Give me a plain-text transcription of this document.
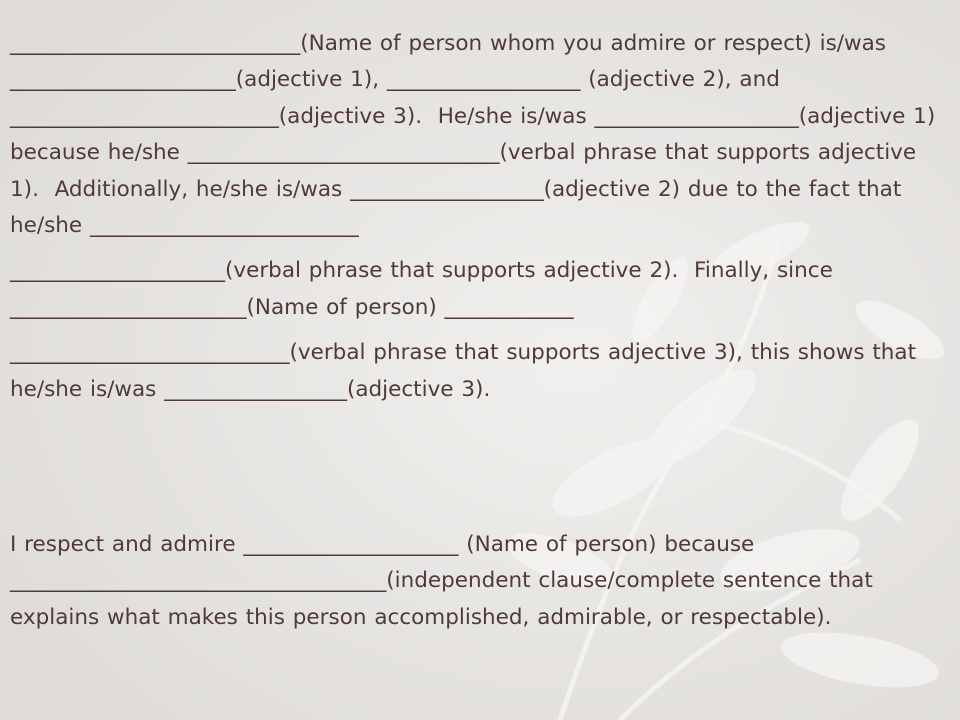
___________________________(Name of person whom you admire or respect) is/was _____________________(adjective 1), __________________ (adjective 2), and _________________________(adjective 3).  He/she is/was ___________________(adjective 1) because he/she _____________________________(verbal phrase that supports adjective 1).  Additionally, he/she is/was __________________(adjective 2) due to the fact that he/she _________________________

____________________(verbal phrase that supports adjective 2).  Finally, since ______________________(Name of person) ____________

__________________________(verbal phrase that supports adjective 3), this shows that he/she is/was _________________(adjective 3).

I respect and admire ____________________ (Name of person) because ___________________________________(independent clause/complete sentence that explains what makes this person accomplished, admirable, or respectable).
